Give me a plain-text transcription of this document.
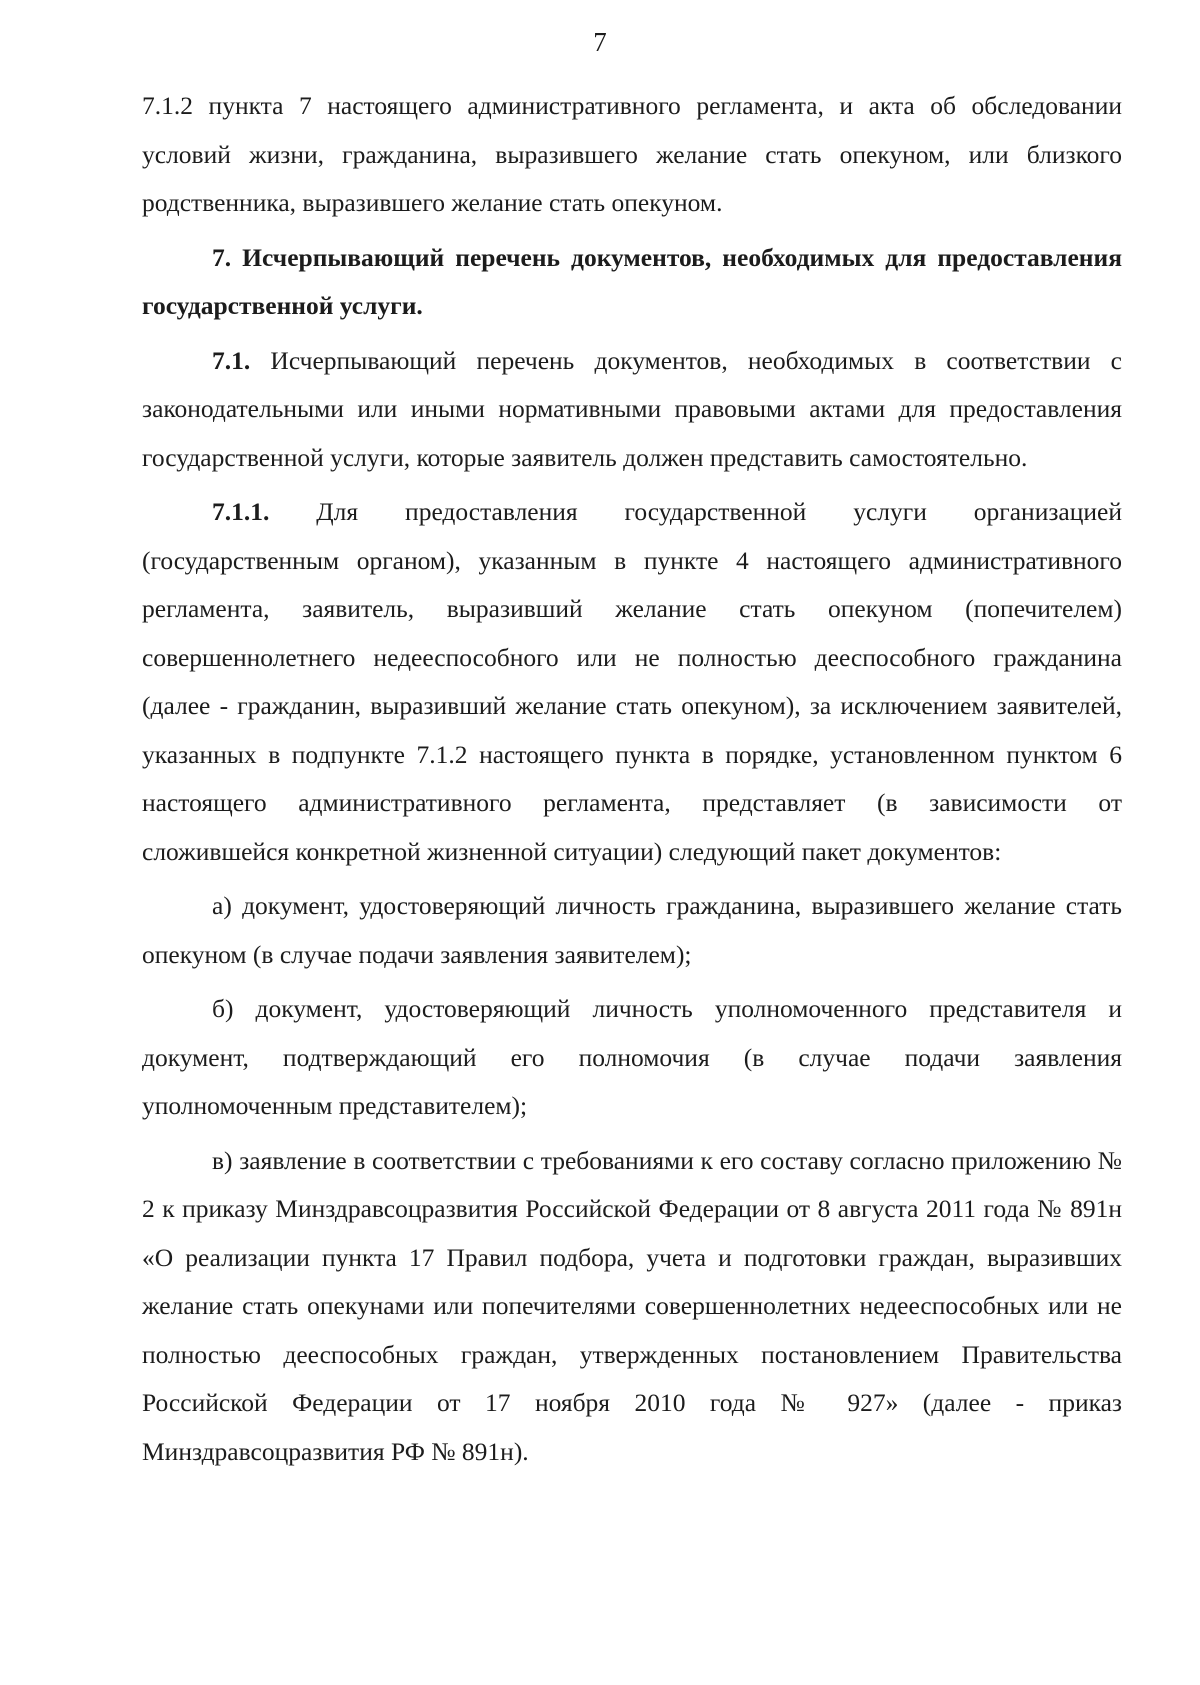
7

7.1.2 пункта 7 настоящего административного регламента, и акта об обследовании условий жизни, гражданина, выразившего желание стать опекуном, или близкого родственника, выразившего желание стать опекуном.

7. Исчерпывающий перечень документов, необходимых для предоставления государственной услуги.

7.1. Исчерпывающий перечень документов, необходимых в соответствии с законодательными или иными нормативными правовыми актами для предоставления государственной услуги, которые заявитель должен представить самостоятельно.

7.1.1. Для предоставления государственной услуги организацией (государственным органом), указанным в пункте 4 настоящего административного регламента, заявитель, выразивший желание стать опекуном (попечителем) совершеннолетнего недееспособного или не полностью дееспособного гражданина (далее - гражданин, выразивший желание стать опекуном), за исключением заявителей, указанных в подпункте 7.1.2 настоящего пункта в порядке, установленном пунктом 6 настоящего административного регламента, представляет (в зависимости от сложившейся конкретной жизненной ситуации) следующий пакет документов:

а) документ, удостоверяющий личность гражданина, выразившего желание стать опекуном (в случае подачи заявления заявителем);

б) документ, удостоверяющий личность уполномоченного представителя и документ, подтверждающий его полномочия (в случае подачи заявления уполномоченным представителем);

в) заявление в соответствии с требованиями к его составу согласно приложению № 2 к приказу Минздравсоцразвития Российской Федерации от 8 августа 2011 года № 891н «О реализации пункта 17 Правил подбора, учета и подготовки граждан, выразивших желание стать опекунами или попечителями совершеннолетних недееспособных или не полностью дееспособных граждан, утвержденных постановлением Правительства Российской Федерации от 17 ноября 2010 года № 927» (далее - приказ Минздравсоцразвития РФ № 891н).
